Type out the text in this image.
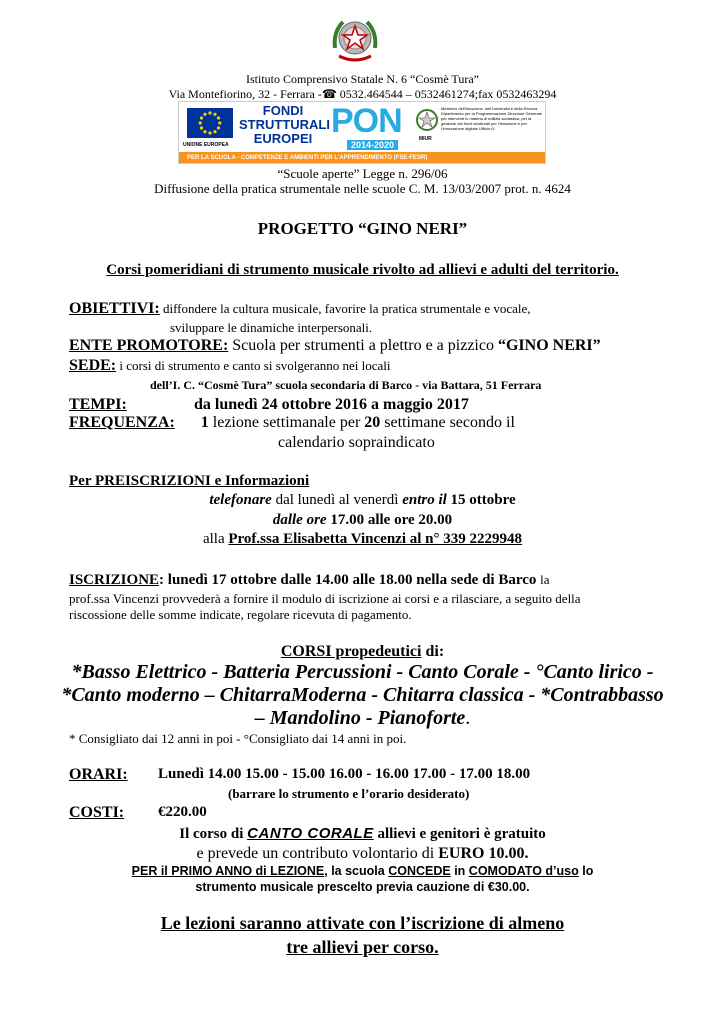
Istituto Comprensivo Statale N. 6 “Cosmè Tura”
Via Montefiorino, 32 - Ferrara -☎ 0532.464544 – 0532461274;fax 0532463294
UNIONE EUROPEA
FONDI
STRUTTURALI
EUROPEI PON
2014-2020
Ministero dell'Istruzione, dell'Università e della Ricerca Dipartimento per la Programmazione Direzione Generale per interventi in materia di edilizia scolastica, per la gestione dei fondi strutturali per l'istruzione e per l'innovazione digitale Ufficio IV
MIUR
PER LA SCUOLA - COMPETENZE E AMBIENTI PER L'APPRENDIMENTO (FSE-FESR)
“Scuole aperte” Legge n. 296/06
Diffusione della pratica strumentale nelle scuole C. M. 13/03/2007 prot. n. 4624
PROGETTO “GINO NERI”
Corsi pomeridiani di strumento musicale rivolto ad allievi e adulti del territorio.
OBIETTIVI: diffondere la cultura musicale, favorire la pratica strumentale e vocale,
sviluppare le dinamiche interpersonali.
ENTE PROMOTORE: Scuola per strumenti a plettro e a pizzico “GINO NERI”
SEDE: i corsi di strumento e canto si svolgeranno nei locali
dell’I. C. “Cosmè Tura” scuola secondaria di Barco - via Battara, 51 Ferrara
TEMPI:	da lunedì 24 ottobre 2016 a maggio 2017
FREQUENZA: 1 lezione settimanale per 20 settimane secondo il
calendario sopraindicato
Per PREISCRIZIONI e Informazioni
telefonare dal lunedì al venerdì entro il 15 ottobre
dalle ore 17.00 alle ore 20.00
alla Prof.ssa Elisabetta Vincenzi al n° 339 2229948
ISCRIZIONE: lunedì 17 ottobre dalle 14.00 alle 18.00 nella sede di Barco la
prof.ssa Vincenzi provvederà a fornire il modulo di iscrizione ai corsi e a rilasciare, a seguito della
riscossione delle somme indicate, regolare ricevuta di pagamento.
CORSI propedeutici di:
*Basso Elettrico - Batteria Percussioni - Canto Corale - °Canto lirico -
*Canto moderno – ChitarraModerna - Chitarra classica - *Contrabbasso
– Mandolino - Pianoforte.
* Consigliato dai 12 anni in poi - °Consigliato dai 14 anni in poi.
ORARI: Lunedì 14.00 15.00 - 15.00 16.00 - 16.00 17.00 - 17.00 18.00
(barrare lo strumento e l’orario desiderato)
COSTI: €220.00
Il corso di CANTO CORALE allievi e genitori è gratuito
e prevede un contributo volontario di EURO 10.00.
PER il PRIMO ANNO di LEZIONE, la scuola CONCEDE in COMODATO d’uso lo
strumento musicale prescelto previa cauzione di €30.00.
Le lezioni saranno attivate con l’iscrizione di almeno
tre allievi per corso.
